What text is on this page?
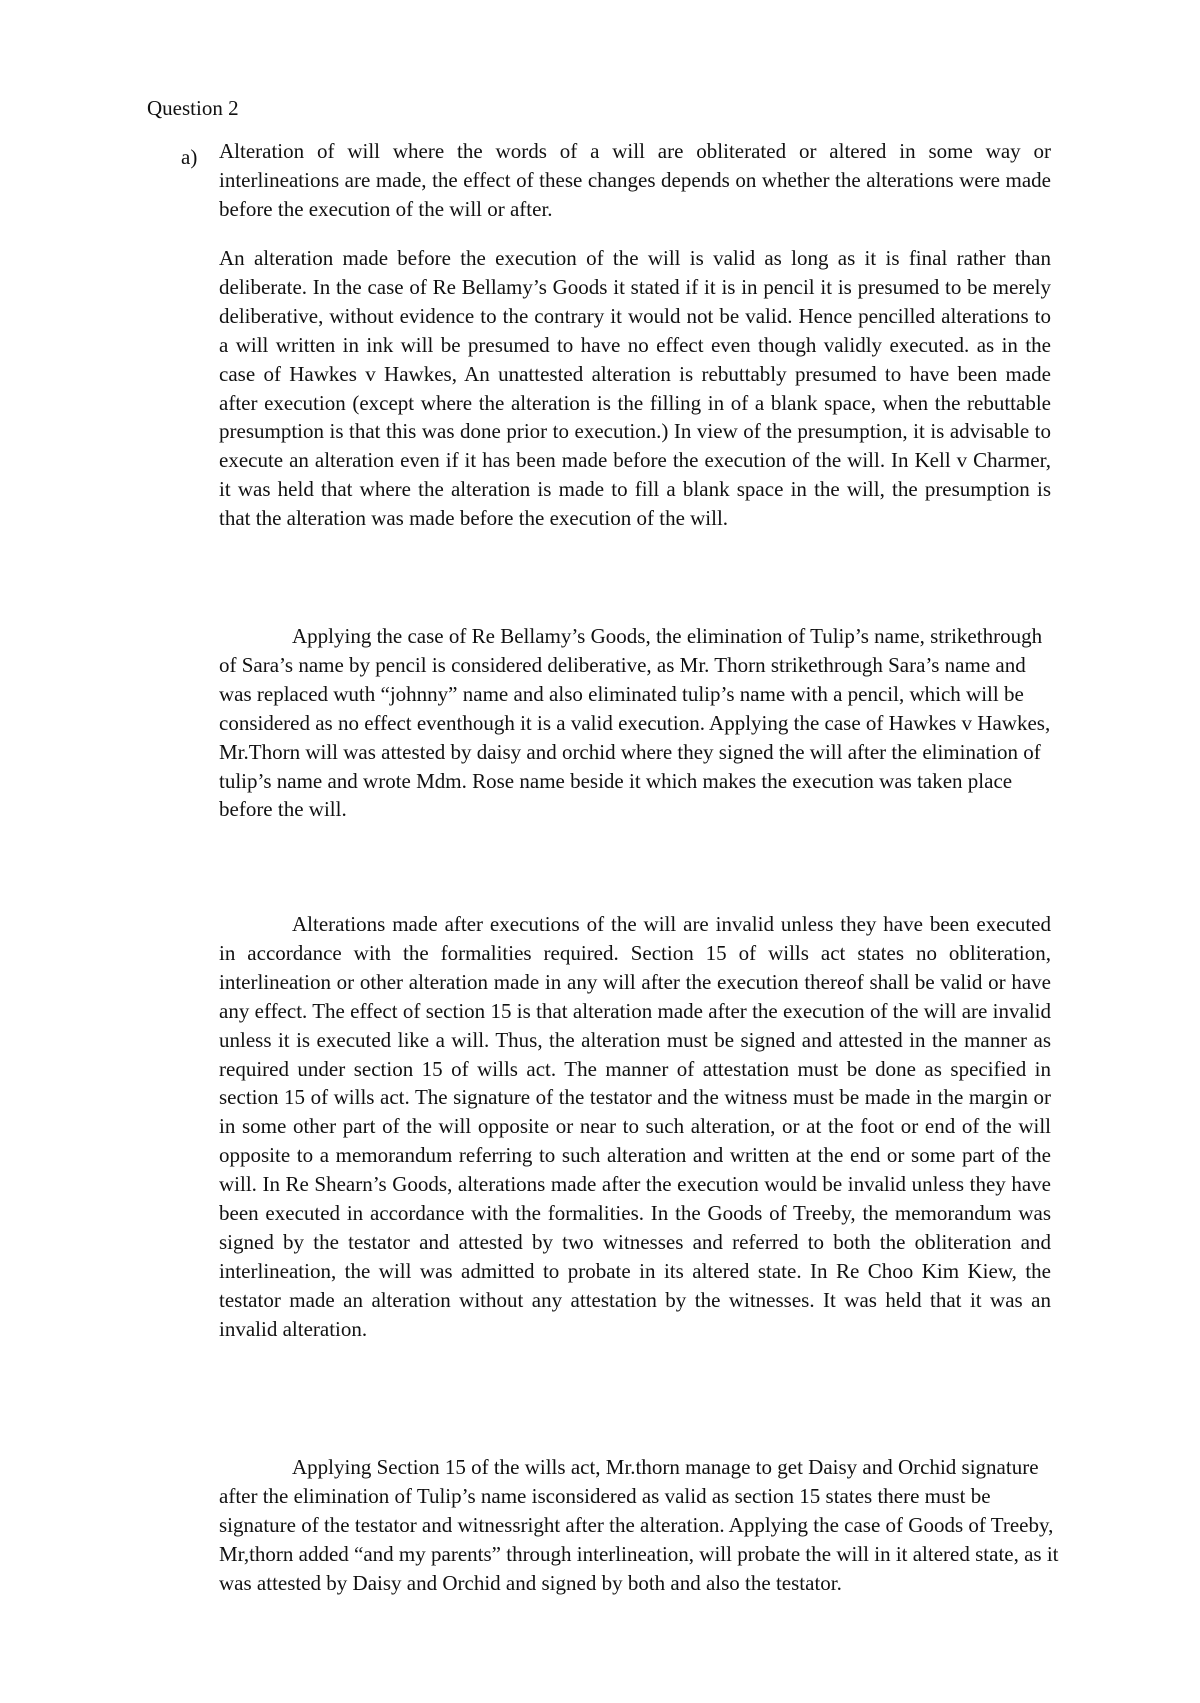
Question 2
a) Alteration of will where the words of a will are obliterated or altered in some way or interlineations are made, the effect of these changes depends on whether the alterations were made before the execution of the will or after.

An alteration made before the execution of the will is valid as long as it is final rather than deliberate. In the case of Re Bellamy’s Goods it stated if it is in pencil it is presumed to be merely deliberative, without evidence to the contrary it would not be valid. Hence pencilled alterations to a will written in ink will be presumed to have no effect even though validly executed. as in the case of Hawkes v Hawkes, An unattested alteration is rebuttably presumed to have been made after execution (except where the alteration is the filling in of a blank space, when the rebuttable presumption is that this was done prior to execution.) In view of the presumption, it is advisable to execute an alteration even if it has been made before the execution of the will. In Kell v Charmer, it was held that where the alteration is made to fill a blank space in the will, the presumption is that the alteration was made before the execution of the will.

Applying the case of Re Bellamy’s Goods, the elimination of Tulip’s name, strikethrough of Sara’s name by pencil is considered deliberative, as Mr. Thorn strikethrough Sara’s name and was replaced wuth “johnny” name and also eliminated tulip’s name with a pencil, which will be considered as no effect eventhough it is a valid execution. Applying the case of Hawkes v Hawkes, Mr.Thorn will was attested by daisy and orchid where they signed the will after the elimination of tulip’s name and wrote Mdm. Rose name beside it which makes the execution was taken place before the will.

Alterations made after executions of the will are invalid unless they have been executed in accordance with the formalities required. Section 15 of wills act states no obliteration, interlineation or other alteration made in any will after the execution thereof shall be valid or have any effect. The effect of section 15 is that alteration made after the execution of the will are invalid unless it is executed like a will. Thus, the alteration must be signed and attested in the manner as required under section 15 of wills act. The manner of attestation must be done as specified in section 15 of wills act. The signature of the testator and the witness must be made in the margin or in some other part of the will opposite or near to such alteration, or at the foot or end of the will opposite to a memorandum referring to such alteration and written at the end or some part of the will. In Re Shearn’s Goods, alterations made after the execution would be invalid unless they have been executed in accordance with the formalities. In the Goods of Treeby, the memorandum was signed by the testator and attested by two witnesses and referred to both the obliteration and interlineation, the will was admitted to probate in its altered state. In Re Choo Kim Kiew, the testator made an alteration without any attestation by the witnesses. It was held that it was an invalid alteration.

Applying Section 15 of the wills act, Mr.thorn manage to get Daisy and Orchid signature after the elimination of Tulip’s name isconsidered as valid as section 15 states there must be signature of the testator and witnessright after the alteration. Applying the case of Goods of Treeby, Mr,thorn added “and my parents” through interlineation, will probate the will in it altered state, as it was attested by Daisy and Orchid and signed by both and also the testator.
